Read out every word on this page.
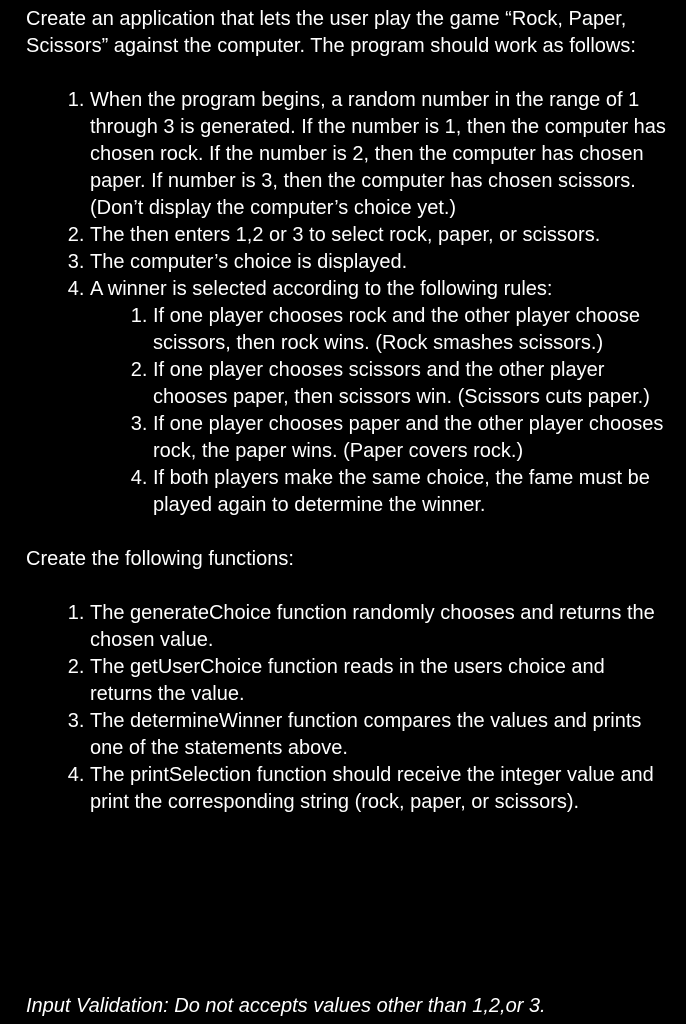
Create an application that lets the user play the game “Rock, Paper, Scissors” against the computer. The program should work as follows:

1. When the program begins, a random number in the range of 1 through 3 is generated. If the number is 1, then the computer has chosen rock. If the number is 2, then the computer has chosen paper. If number is 3, then the computer has chosen scissors. (Don’t display the computer’s choice yet.)
2. The then enters 1,2 or 3 to select rock, paper, or scissors.
3. The computer’s choice is displayed.
4. A winner is selected according to the following rules:
1. If one player chooses rock and the other player choose scissors, then rock wins. (Rock smashes scissors.)
2. If one player chooses scissors and the other player chooses paper, then scissors win. (Scissors cuts paper.)
3. If one player chooses paper and the other player chooses rock, the paper wins. (Paper covers rock.)
4. If both players make the same choice, the fame must be played again to determine the winner.

Create the following functions:

1. The generateChoice function randomly chooses and returns the chosen value.
2. The getUserChoice function reads in the users choice and returns the value.
3. The determineWinner function compares the values and prints one of the statements above.
4. The printSelection function should receive the integer value and print the corresponding string (rock, paper, or scissors).

Input Validation: Do not accepts values other than 1,2,or 3.
